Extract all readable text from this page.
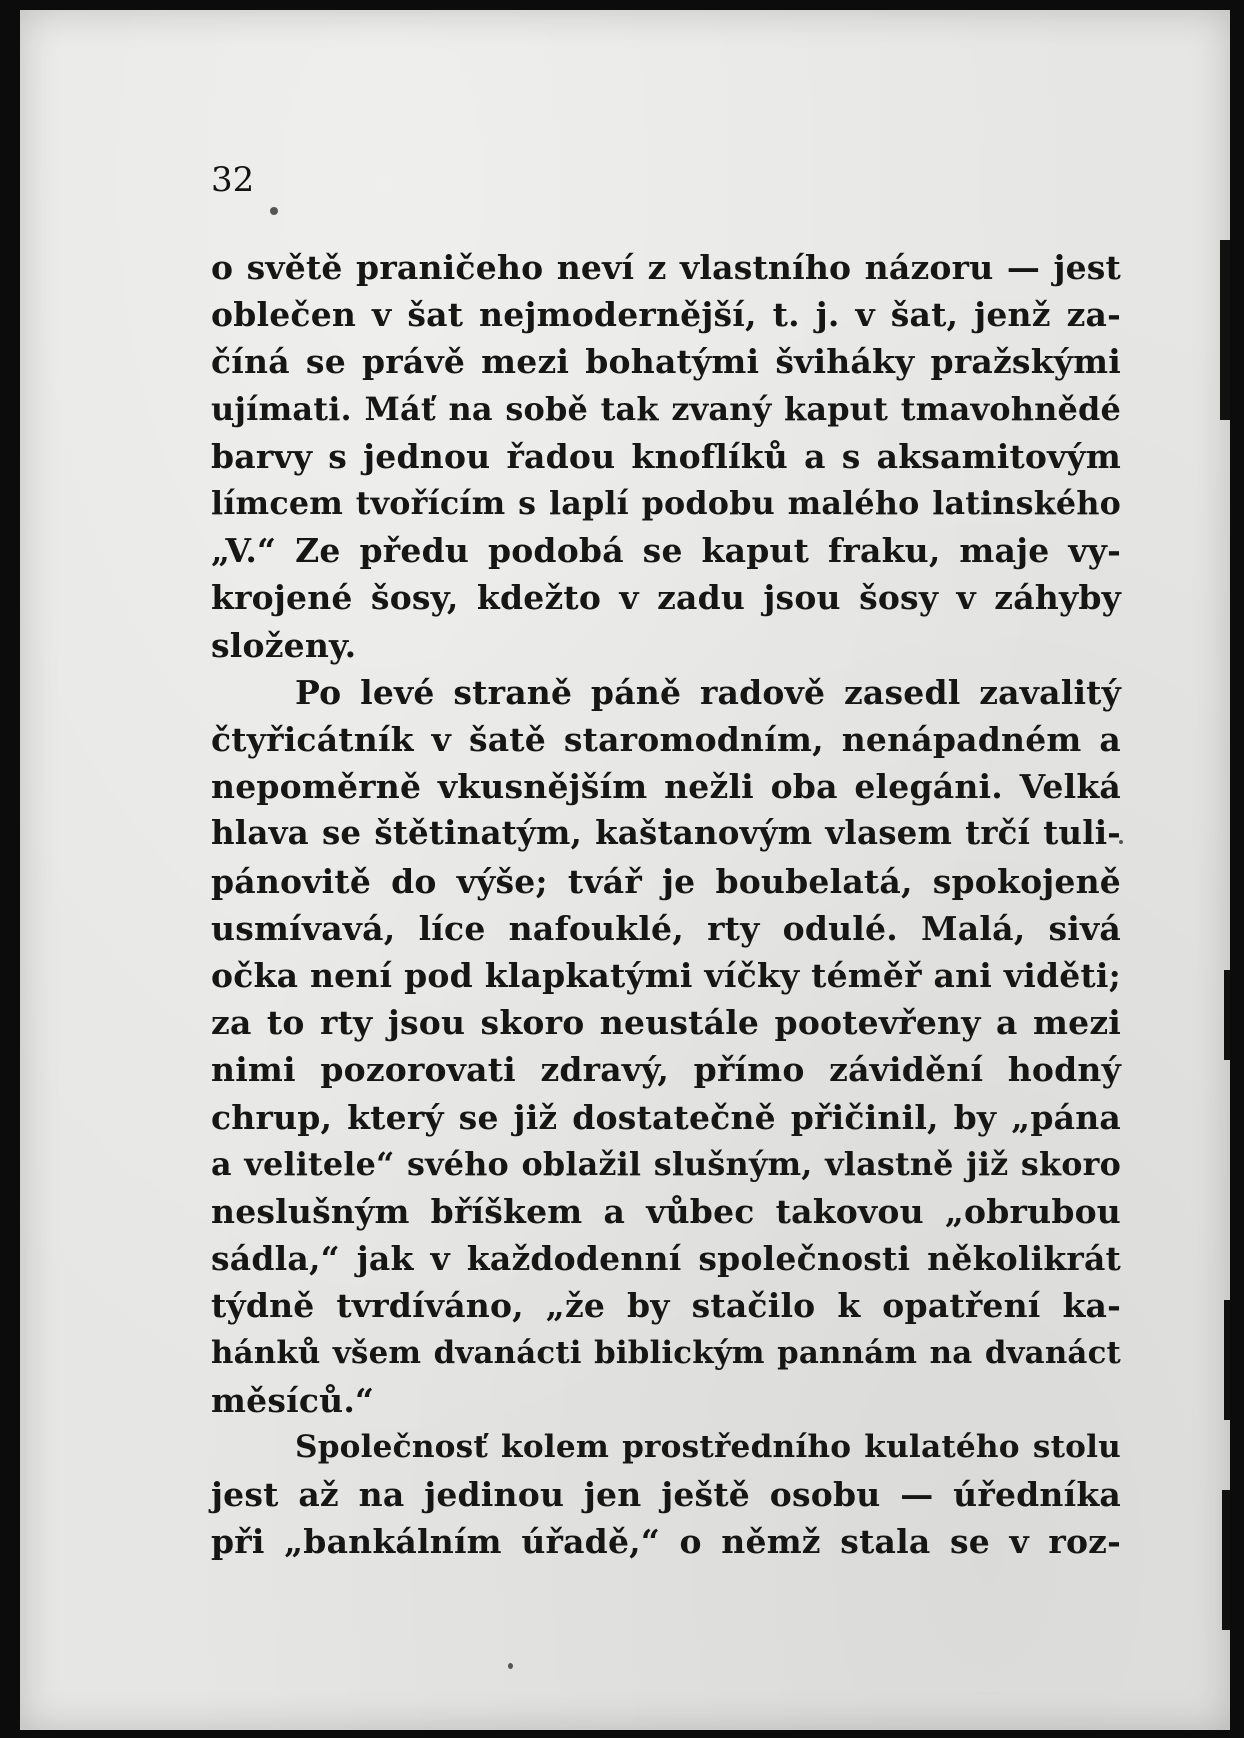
32

o světě praničeho neví z vlastního názoru — jest
oblečen v šat nejmodernější, t. j. v šat, jenž za-
číná se právě mezi bohatými šviháky pražskými
ujímati. Máť na sobě tak zvaný kaput tmavohnědé
barvy s jednou řadou knoflíků a s aksamitovým
límcem tvořícím s laplí podobu malého latinského
„V.“ Ze předu podobá se kaput fraku, maje vy-
krojené šosy, kdežto v zadu jsou šosy v záhyby
složeny.
Po levé straně páně radově zasedl zavalitý
čtyřicátník v šatě staromodním, nenápadném a
nepoměrně vkusnějším nežli oba elegáni. Velká
hlava se štětinatým, kaštanovým vlasem trčí tuli-
pánovitě do výše; tvář je boubelatá, spokojeně
usmívavá, líce nafouklé, rty odulé. Malá, sivá
očka není pod klapkatými víčky téměř ani viděti;
za to rty jsou skoro neustále pootevřeny a mezi
nimi pozorovati zdravý, přímo závidění hodný
chrup, který se již dostatečně přičinil, by „pána
a velitele“ svého oblažil slušným, vlastně již skoro
neslušným bříškem a vůbec takovou „obrubou
sádla,“ jak v každodenní společnosti několikrát
týdně tvrdíváno, „že by stačilo k opatření ka-
hánků všem dvanácti biblickým pannám na dvanáct
měsíců.“
Společnosť kolem prostředního kulatého stolu
jest až na jedinou jen ještě osobu — úředníka
při „bankálním úřadě,“ o němž stala se v roz-
